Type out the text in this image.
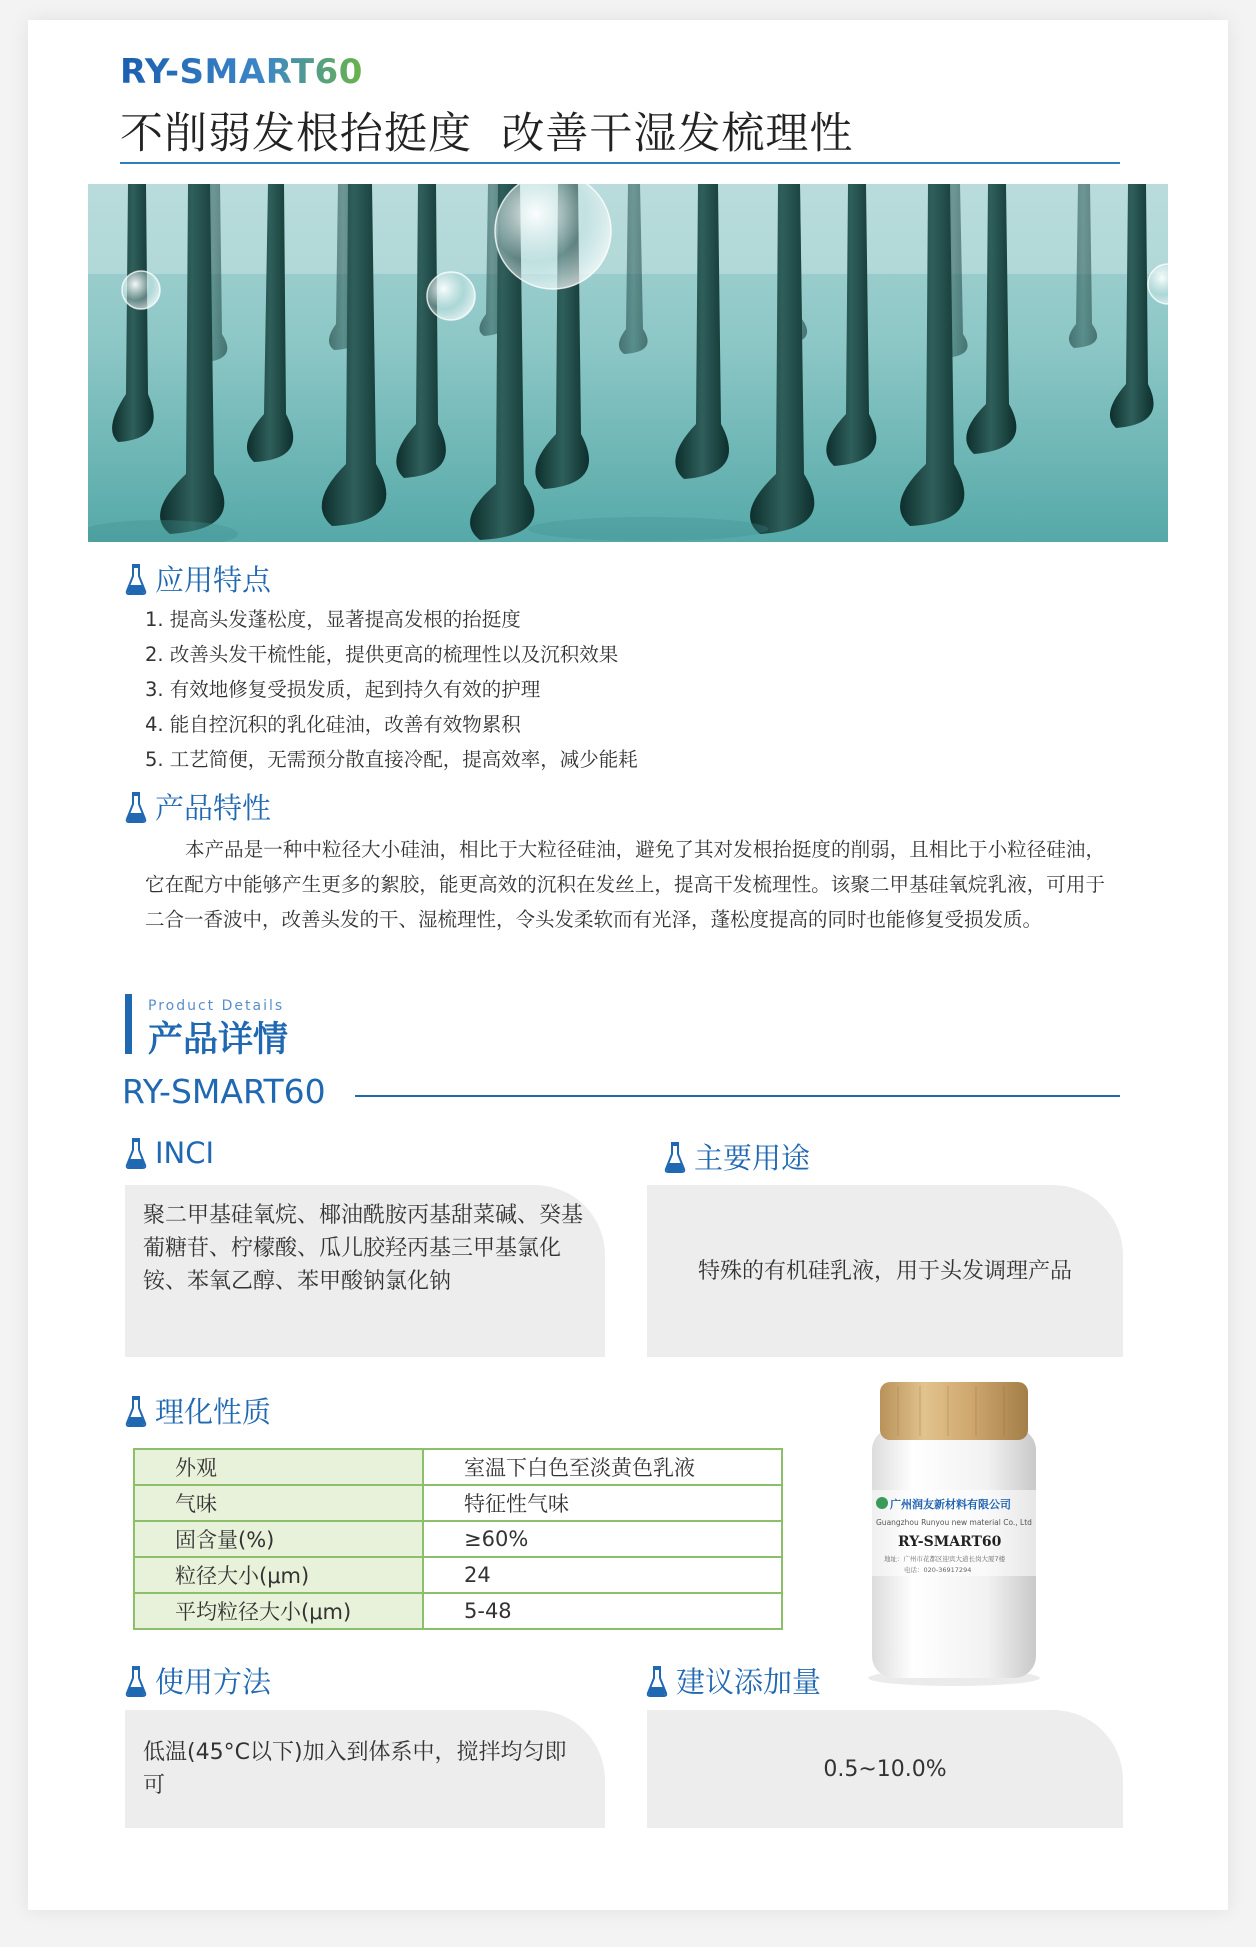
RY-SMART60
不削弱发根抬挺度  改善干湿发梳理性
应用特点
1. 提高头发蓬松度，显著提高发根的抬挺度
2. 改善头发干梳性能，提供更高的梳理性以及沉积效果
3. 有效地修复受损发质，起到持久有效的护理
4. 能自控沉积的乳化硅油，改善有效物累积
5. 工艺简便，无需预分散直接冷配，提高效率，减少能耗
产品特性

本产品是一种中粒径大小硅油，相比于大粒径硅油，避免了其对发根抬挺度的削弱，且相比于小粒径硅油，它在配方中能够产生更多的絮胶，能更高效的沉积在发丝上，提高干发梳理性。该聚二甲基硅氧烷乳液，可用于二合一香波中，改善头发的干、湿梳理性，令头发柔软而有光泽，蓬松度提高的同时也能修复受损发质。

Product Details
产品详情
RY-SMART60
INCI
聚二甲基硅氧烷、椰油酰胺丙基甜菜碱、癸基葡糖苷、柠檬酸、瓜儿胶羟丙基三甲基氯化铵、苯氧乙醇、苯甲酸钠氯化钠
主要用途
特殊的有机硅乳液，用于头发调理产品
理化性质
外观	室温下白色至淡黄色乳液
气味	特征性气味
固含量(%)	≥60%
粒径大小(μm)	24
平均粒径大小(μm)	5-48
广州润友新材料有限公司
Guangzhou Runyou new material Co., Ltd
RY-SMART60
地址：广州市花都区迎宾大道长岗大厦7楼
电话：020-36917294
使用方法
低温(45°C以下)加入到体系中，搅拌均匀即可
建议添加量
0.5~10.0%
